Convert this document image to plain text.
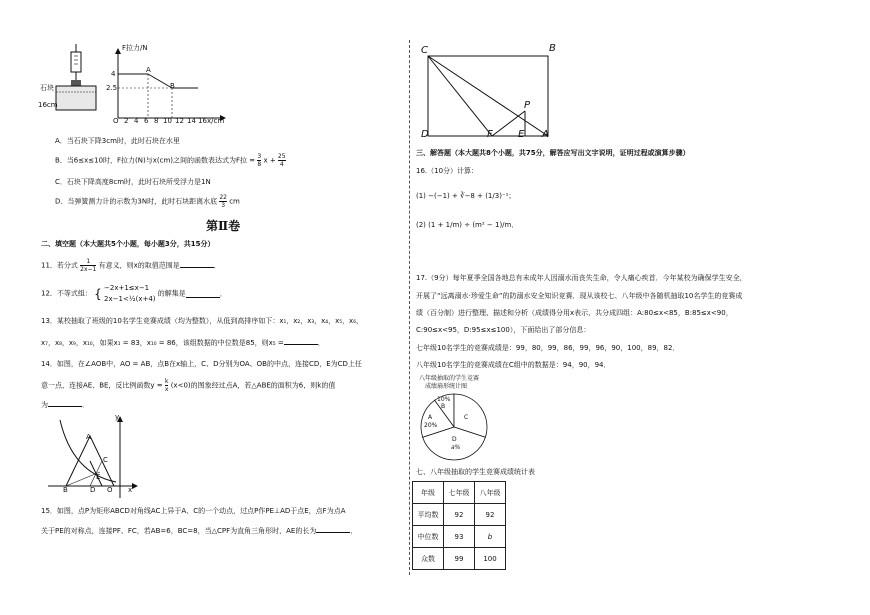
石块
16cm
F拉力/N
4
2.5
A
B
O 2 4 6 8 10 12 14 16 x/cm
A．当石块下降3cm时，此时石块在水里
B．当6≤x≤10时，F拉力(N)与x(cm)之间的函数表达式为F拉 = $\frac{3}{8}$ $x + \frac{25}{4}$
C．石块下降高度8cm时，此时石块所受浮力是1N
D．当弹簧测力计的示数为3N时，此时石块距离水底 $\frac{22}{3}$ cm
第Ⅱ卷
二、填空题（本大题共5个小题，每小题3分，共15分）
11．若分式 $\frac{1}{2x-1}$ 有意义，则x的取值范围是	．
12．不等式组： { −2x+1≤x−1
2x−1<½(x+4)
的解集是	．
13．某校抽取了班级的10名学生竞赛成绩（均为整数），从低到高排序如下：x₁，x₂，x₃，x₄，x₅，x₆，
x₇，x₈，x₉，x₁₀，如果x₁ = 83，x₁₀ = 86，该组数据的中位数是85，则x₅ =	．
14．如图，在∠AOB中，AO = AB，点B在x轴上，C、D分别为OA、OB的中点，连接CD，E为CD上任
意一点，连接AE、BE，反比例函数$y = \frac{k}{x} (x<0)$的图象经过点A，若△ABE的面积为6，则k的值
为	．
y
A
C
E
B	D O x
15．如图，点P为矩形ABCD对角线AC上异于A、C的一个动点，过点P作PE⊥AD于点E，点F为点A
关于PE的对称点，连接PF、FC，若AB=6，BC=8，当△CPF为直角三角形时，AE的长为	．
C	B
D	F	E A
P
三、解答题（本大题共8个小题，共75分，解答应写出文字说明，证明过程或演算步骤）
16.（10分）计算：
(1) −(−1) + ∛−8 + (1/3)⁻¹；
(2) (1 + 1/m) ÷ (m² − 1)/m．
17.（9分）每年夏季全国各地总有未成年人因溺水而丧失生命，令人痛心疾首．今年某校为确保学生安全，
开展了“远离溺水·珍爱生命”的防溺水安全知识竞赛．现从该校七、八年级中各随机抽取10名学生的竞赛成
绩（百分制）进行整理、描述和分析（成绩得分用x表示，共分成四组：A:80≤x<85，B:85≤x<90，
C:90≤x<95，D:95≤x≤100），下面给出了部分信息：
七年级10名学生的竞赛成绩是：99，80，99，86，99，96，90，100，89，82．
八年级10名学生的竞赛成绩在C组中的数据是：94，90，94．
八年级抽取的学生竞赛
成绩扇形统计图
10%
B
A
20%
C
D
a%
七、八年级抽取的学生竞赛成绩统计表
年级	七年级	八年级
平均数	92	92
中位数	93	b
众数	99	100
